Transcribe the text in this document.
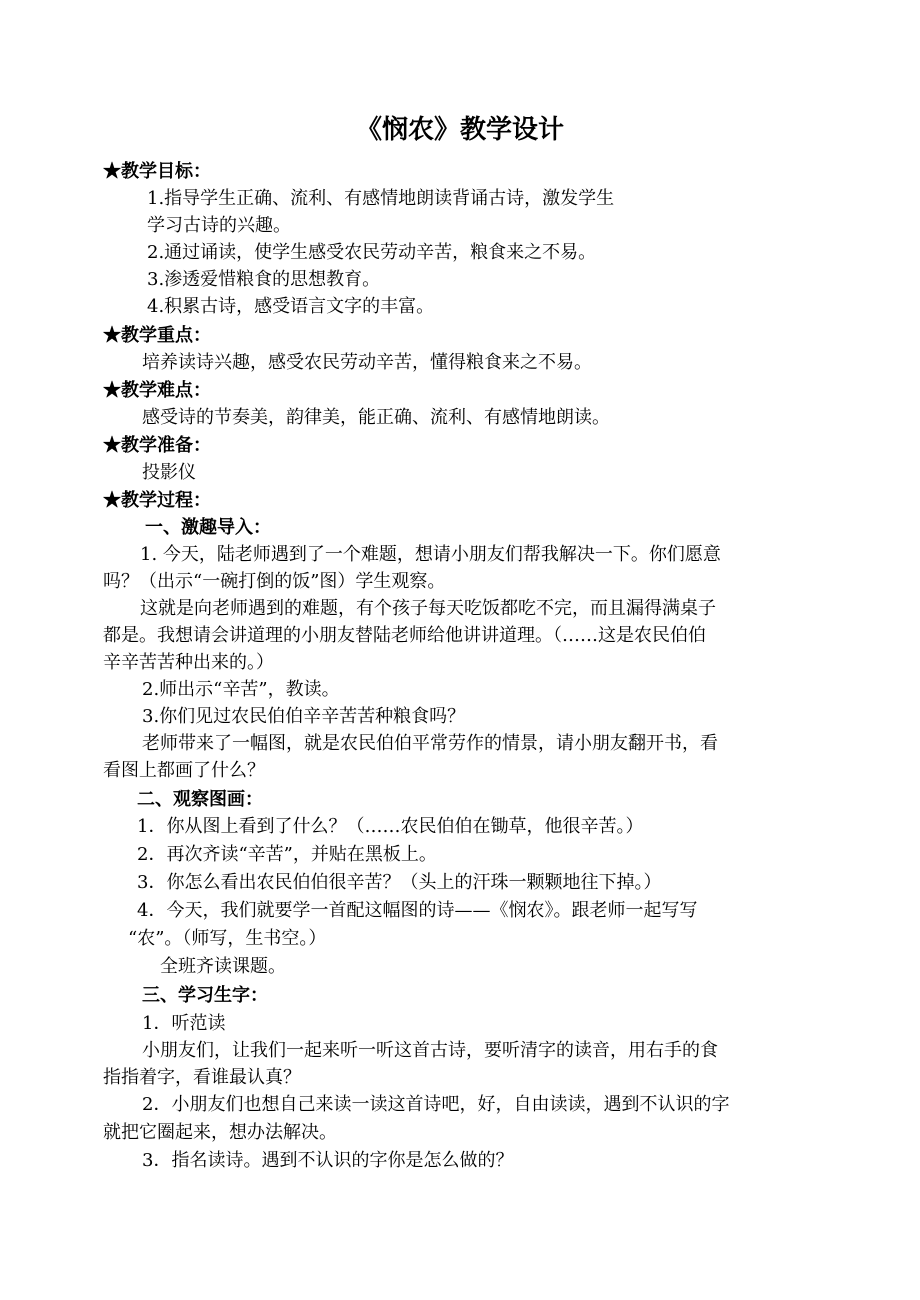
《悯农》教学设计

★教学目标：

1.指导学生正确、流利、有感情地朗读背诵古诗，激发学生

学习古诗的兴趣。

2.通过诵读，使学生感受农民劳动辛苦，粮食来之不易。

3.渗透爱惜粮食的思想教育。

4.积累古诗，感受语言文字的丰富。

★教学重点：

培养读诗兴趣，感受农民劳动辛苦，懂得粮食来之不易。

★教学难点：

感受诗的节奏美，韵律美，能正确、流利、有感情地朗读。

★教学准备：

投影仪

★教学过程：

一、激趣导入：

1. 今天，陆老师遇到了一个难题，想请小朋友们帮我解决一下。你们愿意

吗？（出示“一碗打倒的饭”图）学生观察。

这就是向老师遇到的难题，有个孩子每天吃饭都吃不完，而且漏得满桌子

都是。我想请会讲道理的小朋友替陆老师给他讲讲道理。（……这是农民伯伯

辛辛苦苦种出来的。）

2.师出示“辛苦”，教读。

3.你们见过农民伯伯辛辛苦苦种粮食吗？

老师带来了一幅图，就是农民伯伯平常劳作的情景，请小朋友翻开书，看

看图上都画了什么？

二、观察图画：

1．你从图上看到了什么？（……农民伯伯在锄草，他很辛苦。）

2．再次齐读“辛苦”，并贴在黑板上。

3．你怎么看出农民伯伯很辛苦？（头上的汗珠一颗颗地往下掉。）

4．今天，我们就要学一首配这幅图的诗——《悯农》。跟老师一起写写

“农”。（师写，生书空。）

全班齐读课题。

三、学习生字：

1．听范读

小朋友们，让我们一起来听一听这首古诗，要听清字的读音，用右手的食

指指着字，看谁最认真？

2．小朋友们也想自己来读一读这首诗吧，好，自由读读，遇到不认识的字

就把它圈起来，想办法解决。

3．指名读诗。遇到不认识的字你是怎么做的？
